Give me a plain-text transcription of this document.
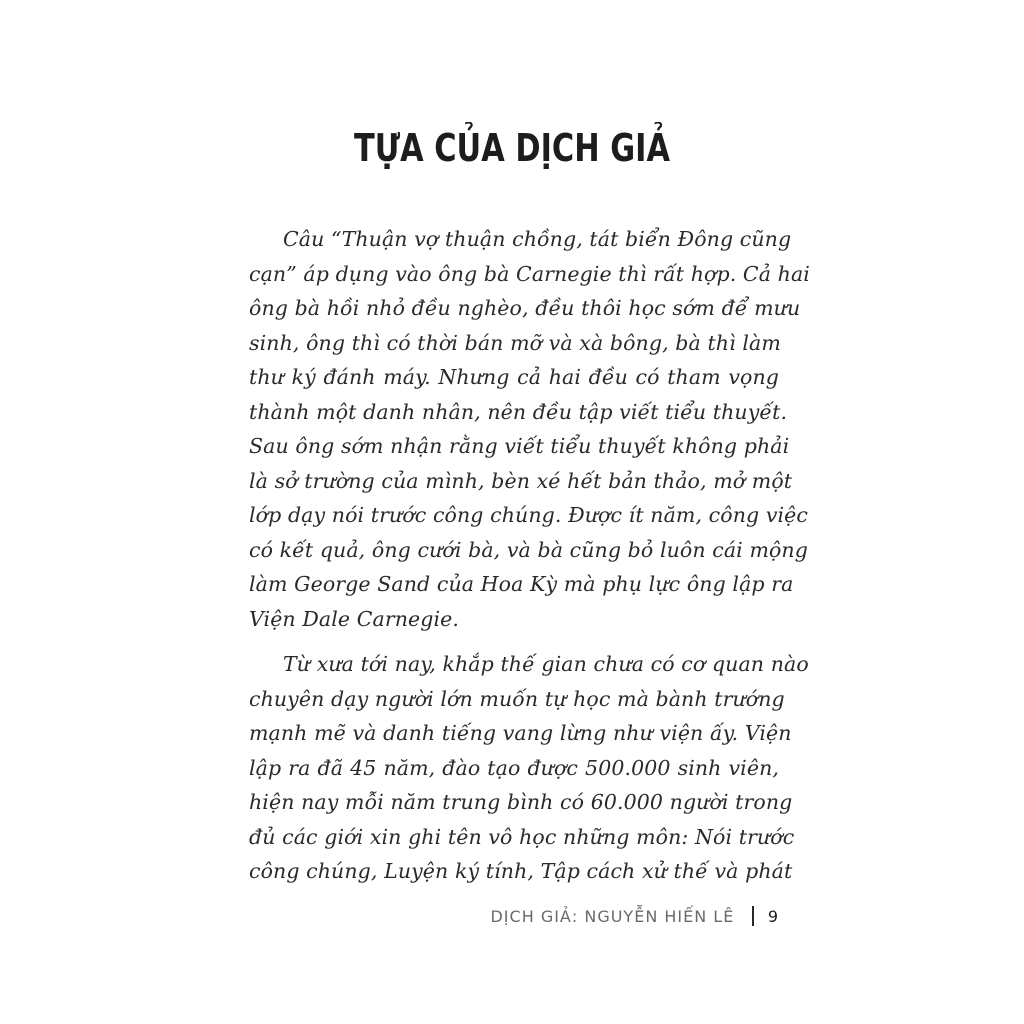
TỰA CỦA DỊCH GIẢ

Câu “Thuận vợ thuận chồng, tát biển Đông cũng
cạn” áp dụng vào ông bà Carnegie thì rất hợp. Cả hai
ông bà hồi nhỏ đều nghèo, đều thôi học sớm để mưu
sinh, ông thì có thời bán mỡ và xà bông, bà thì làm
thư ký đánh máy. Nhưng cả hai đều có tham vọng
thành một danh nhân, nên đều tập viết tiểu thuyết.
Sau ông sớm nhận rằng viết tiểu thuyết không phải
là sở trường của mình, bèn xé hết bản thảo, mở một
lớp dạy nói trước công chúng. Được ít năm, công việc
có kết quả, ông cưới bà, và bà cũng bỏ luôn cái mộng
làm George Sand của Hoa Kỳ mà phụ lực ông lập ra
Viện Dale Carnegie.

Từ xưa tới nay, khắp thế gian chưa có cơ quan nào
chuyên dạy người lớn muốn tự học mà bành trướng
mạnh mẽ và danh tiếng vang lừng như viện ấy. Viện
lập ra đã 45 năm, đào tạo được 500.000 sinh viên,
hiện nay mỗi năm trung bình có 60.000 người trong
đủ các giới xin ghi tên vô học những môn: Nói trước
công chúng, Luyện ký tính, Tập cách xử thế và phát

DỊCH GIẢ: NGUYỄN HIẾN LÊ 9
